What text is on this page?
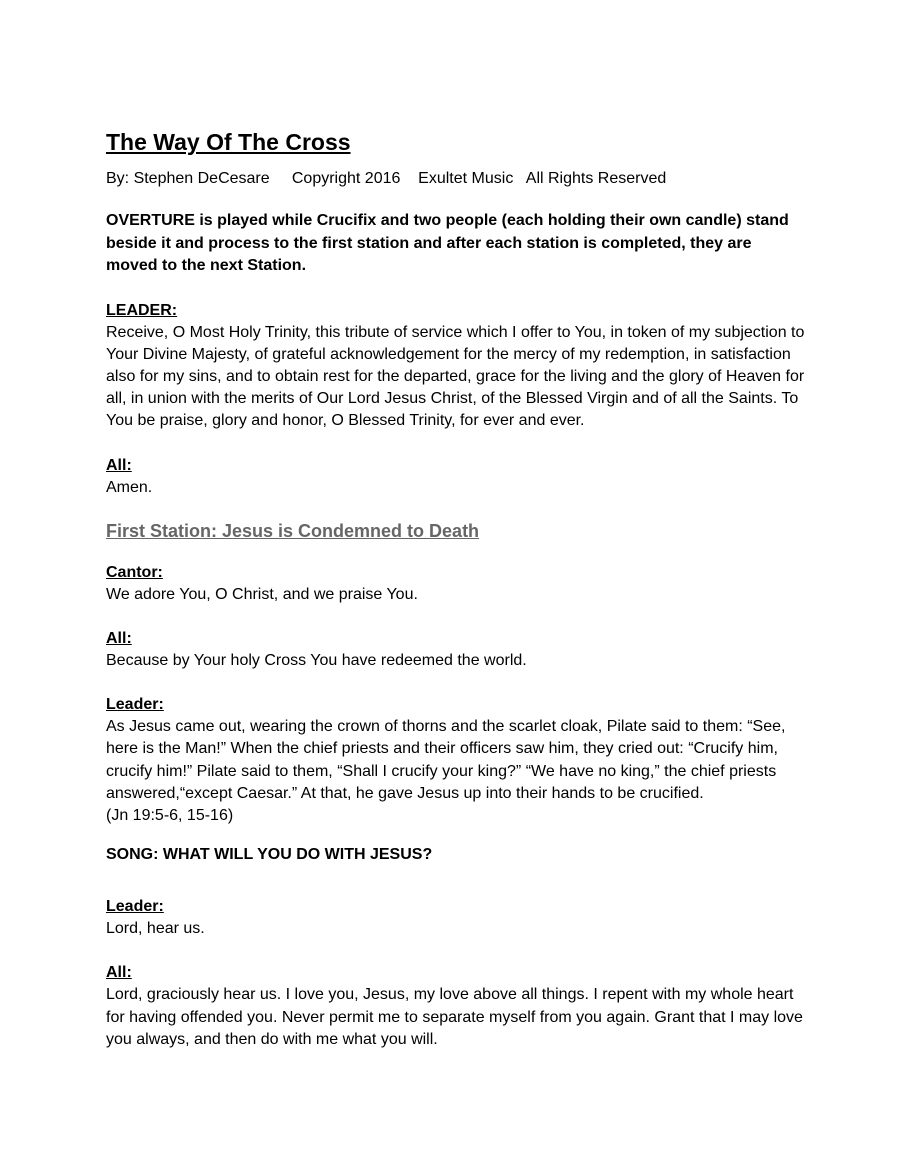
The Way Of The Cross
By: Stephen DeCesare     Copyright 2016    Exultet Music   All Rights Reserved
OVERTURE is played while Crucifix and two people (each holding their own candle) stand beside it and process to the first station and after each station is completed, they are moved to the next Station.
LEADER:
Receive, O Most Holy Trinity, this tribute of service which I offer to You, in token of my subjection to Your Divine Majesty, of grateful acknowledgement for the mercy of my redemption, in satisfaction also for my sins, and to obtain rest for the departed, grace for the living and the glory of Heaven for all, in union with the merits of Our Lord Jesus Christ, of the Blessed Virgin and of all the Saints. To You be praise, glory and honor, O Blessed Trinity, for ever and ever.
All:
Amen.
First Station: Jesus is Condemned to Death
Cantor:
We adore You, O Christ, and we praise You.
All:
Because by Your holy Cross You have redeemed the world.
Leader:
As Jesus came out, wearing the crown of thorns and the scarlet cloak, Pilate said to them: “See, here is the Man!” When the chief priests and their officers saw him, they cried out: “Crucify him, crucify him!” Pilate said to them, “Shall I crucify your king?” “We have no king,” the chief priests answered,“except Caesar.” At that, he gave Jesus up into their hands to be crucified.
(Jn 19:5-6, 15-16)
SONG: WHAT WILL YOU DO WITH JESUS?
Leader:
Lord, hear us.
All:
Lord, graciously hear us. I love you, Jesus, my love above all things. I repent with my whole heart for having offended you. Never permit me to separate myself from you again. Grant that I may love you always, and then do with me what you will.
